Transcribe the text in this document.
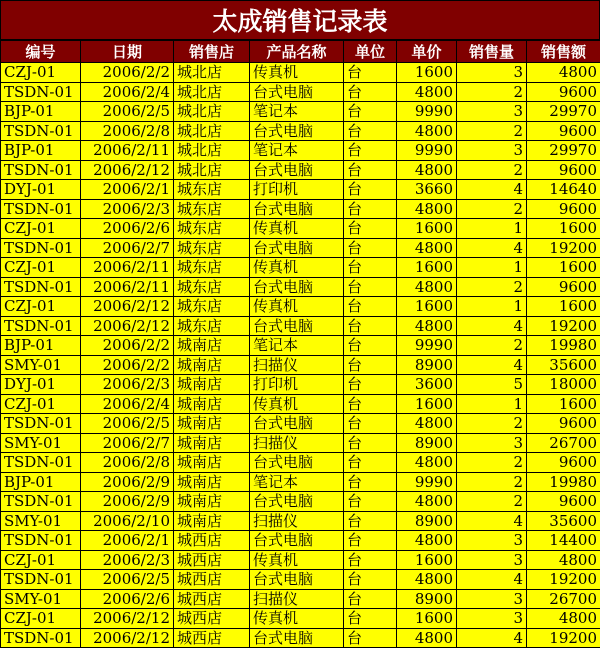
太成销售记录表
编号	日期	销售店	产品名称	单位	单价	销售量	销售额
CZJ-01	2006/2/2	城北店	传真机	台	1600	3	4800
TSDN-01	2006/2/4	城北店	台式电脑	台	4800	2	9600
BJP-01	2006/2/5	城北店	笔记本	台	9990	3	29970
TSDN-01	2006/2/8	城北店	台式电脑	台	4800	2	9600
BJP-01	2006/2/11	城北店	笔记本	台	9990	3	29970
TSDN-01	2006/2/12	城北店	台式电脑	台	4800	2	9600
DYJ-01	2006/2/1	城东店	打印机	台	3660	4	14640
TSDN-01	2006/2/3	城东店	台式电脑	台	4800	2	9600
CZJ-01	2006/2/6	城东店	传真机	台	1600	1	1600
TSDN-01	2006/2/7	城东店	台式电脑	台	4800	4	19200
CZJ-01	2006/2/11	城东店	传真机	台	1600	1	1600
TSDN-01	2006/2/11	城东店	台式电脑	台	4800	2	9600
CZJ-01	2006/2/12	城东店	传真机	台	1600	1	1600
TSDN-01	2006/2/12	城东店	台式电脑	台	4800	4	19200
BJP-01	2006/2/2	城南店	笔记本	台	9990	2	19980
SMY-01	2006/2/2	城南店	扫描仪	台	8900	4	35600
DYJ-01	2006/2/3	城南店	打印机	台	3600	5	18000
CZJ-01	2006/2/4	城南店	传真机	台	1600	1	1600
TSDN-01	2006/2/5	城南店	台式电脑	台	4800	2	9600
SMY-01	2006/2/7	城南店	扫描仪	台	8900	3	26700
TSDN-01	2006/2/8	城南店	台式电脑	台	4800	2	9600
BJP-01	2006/2/9	城南店	笔记本	台	9990	2	19980
TSDN-01	2006/2/9	城南店	台式电脑	台	4800	2	9600
SMY-01	2006/2/10	城南店	扫描仪	台	8900	4	35600
TSDN-01	2006/2/1	城西店	台式电脑	台	4800	3	14400
CZJ-01	2006/2/3	城西店	传真机	台	1600	3	4800
TSDN-01	2006/2/5	城西店	台式电脑	台	4800	4	19200
SMY-01	2006/2/6	城西店	扫描仪	台	8900	3	26700
CZJ-01	2006/2/12	城西店	传真机	台	1600	3	4800
TSDN-01	2006/2/12	城西店	台式电脑	台	4800	4	19200
